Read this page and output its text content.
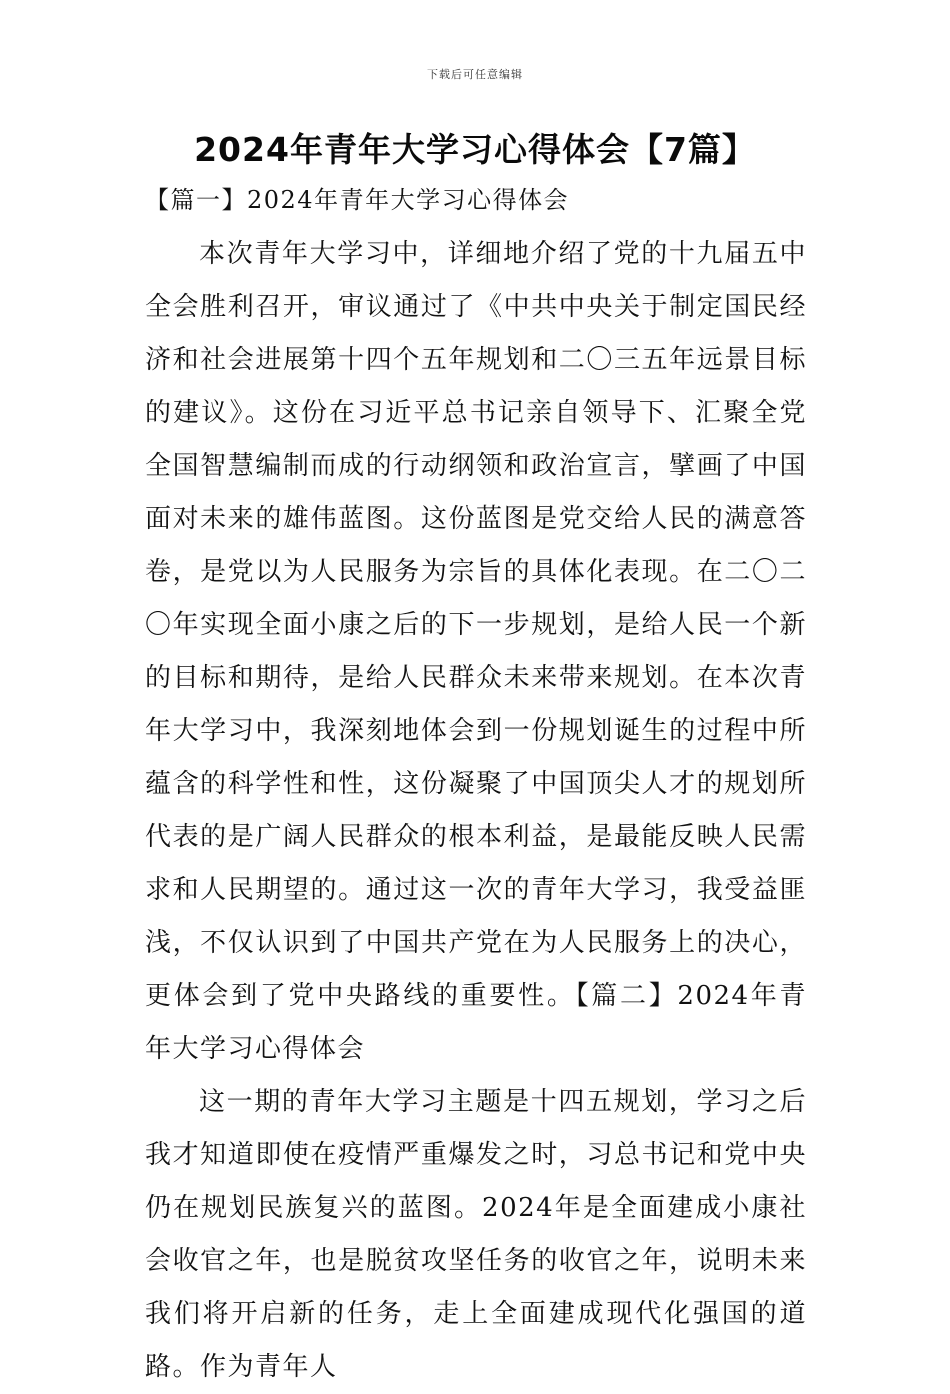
下载后可任意编辑
2024年青年大学习心得体会【7篇】

【篇一】2024年青年大学习心得体会

本次青年大学习中，详细地介绍了党的十九届五中全会胜利召开，审议通过了《中共中央关于制定国民经济和社会进展第十四个五年规划和二〇三五年远景目标的建议》。这份在习近平总书记亲自领导下、汇聚全党全国智慧编制而成的行动纲领和政治宣言，擘画了中国面对未来的雄伟蓝图。这份蓝图是党交给人民的满意答卷，是党以为人民服务为宗旨的具体化表现。在二〇二〇年实现全面小康之后的下一步规划，是给人民一个新的目标和期待，是给人民群众未来带来规划。在本次青年大学习中，我深刻地体会到一份规划诞生的过程中所蕴含的科学性和性，这份凝聚了中国顶尖人才的规划所代表的是广阔人民群众的根本利益，是最能反映人民需求和人民期望的。通过这一次的青年大学习，我受益匪浅，不仅认识到了中国共产党在为人民服务上的决心，更体会到了党中央路线的重要性。【篇二】2024年青年大学习心得体会

这一期的青年大学习主题是十四五规划，学习之后我才知道即使在疫情严重爆发之时，习总书记和党中央仍在规划民族复兴的蓝图。2024年是全面建成小康社会收官之年，也是脱贫攻坚任务的收官之年，说明未来我们将开启新的任务，走上全面建成现代化强国的道路。作为青年人
